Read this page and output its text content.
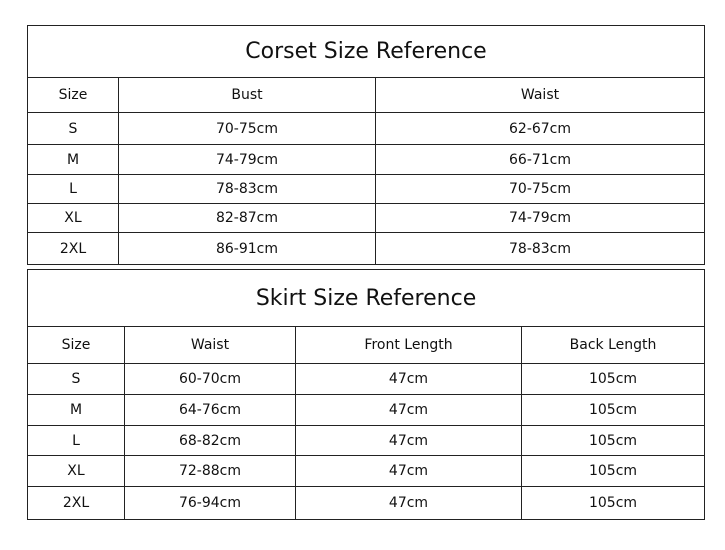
Corset Size Reference		
Size	Bust	Waist
S	70-75cm	62-67cm
M	74-79cm	66-71cm
L	78-83cm	70-75cm
XL	82-87cm	74-79cm
2XL	86-91cm	78-83cm
Skirt Size Reference			
Size	Waist	Front Length	Back Length
S	60-70cm	47cm	105cm
M	64-76cm	47cm	105cm
L	68-82cm	47cm	105cm
XL	72-88cm	47cm	105cm
2XL	76-94cm	47cm	105cm
